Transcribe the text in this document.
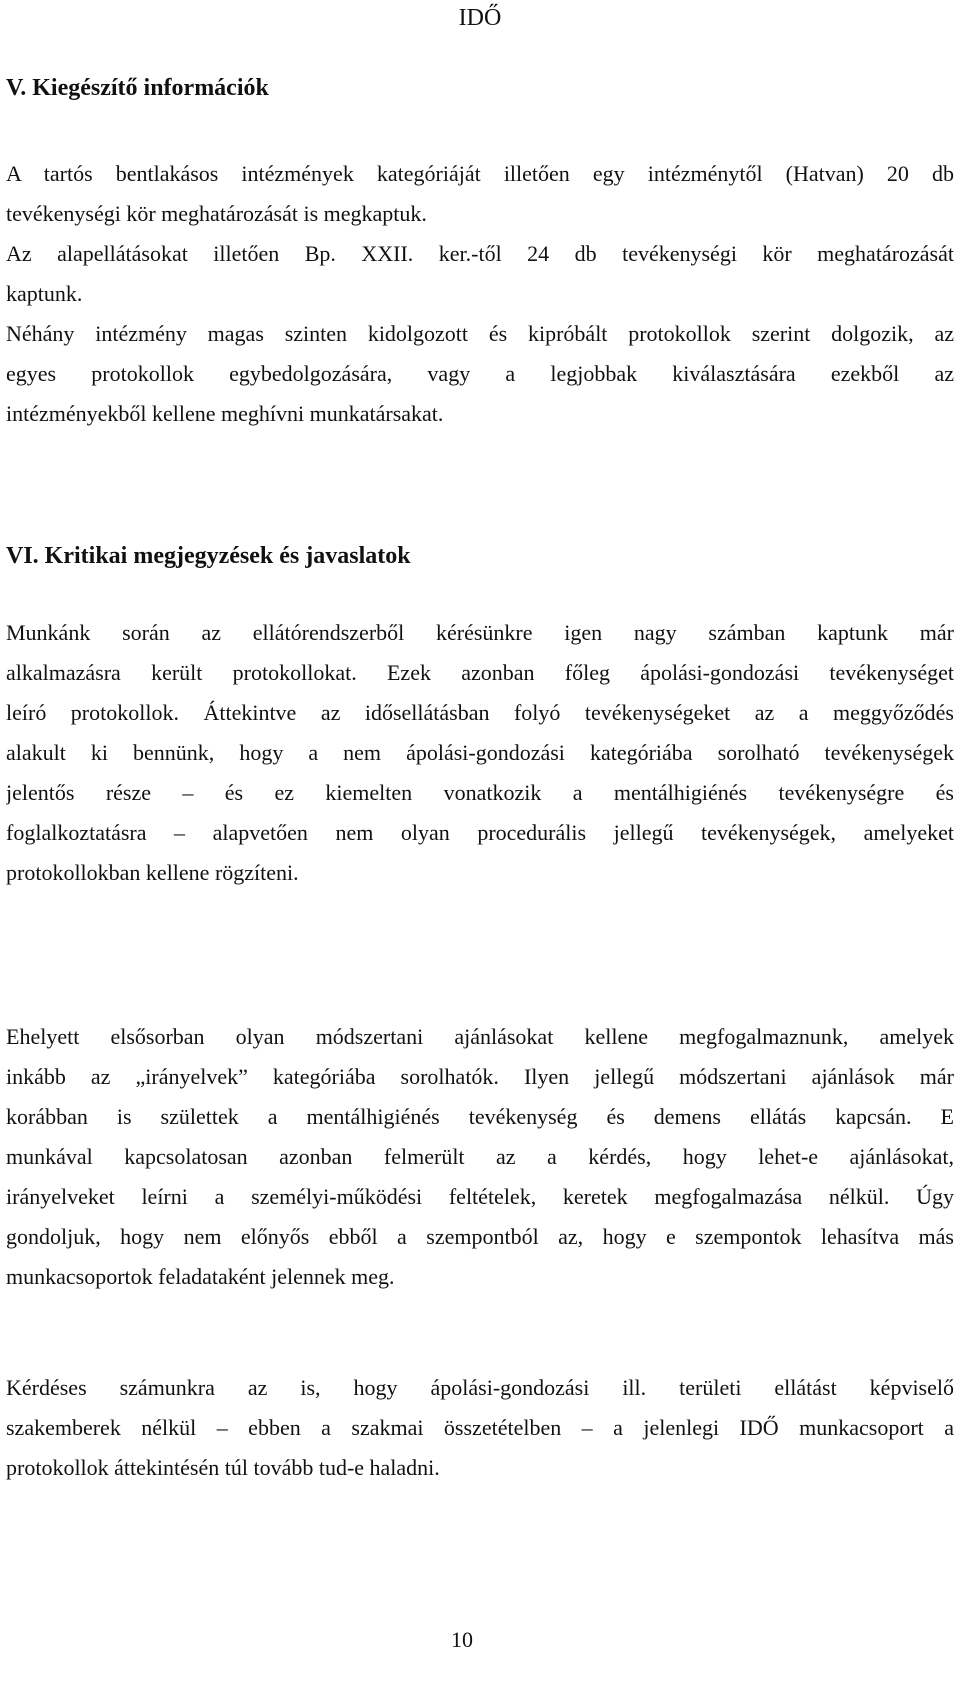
IDŐ
V. Kiegészítő információk
A tartós bentlakásos intézmények kategóriáját illetően egy intézménytől (Hatvan) 20 db
tevékenységi kör meghatározását is megkaptuk.
Az alapellátásokat illetően Bp. XXII. ker.-től 24 db tevékenységi kör meghatározását
kaptunk.
Néhány intézmény magas szinten kidolgozott és kipróbált protokollok szerint dolgozik, az
egyes protokollok egybedolgozására, vagy a legjobbak kiválasztására ezekből az
intézményekből kellene meghívni munkatársakat.
VI. Kritikai megjegyzések és javaslatok
Munkánk során az ellátórendszerből kérésünkre igen nagy számban kaptunk már
alkalmazásra került protokollokat. Ezek azonban főleg ápolási-gondozási tevékenységet
leíró protokollok. Áttekintve az idősellátásban folyó tevékenységeket az a meggyőződés
alakult ki bennünk, hogy a nem ápolási-gondozási kategóriába sorolható tevékenységek
jelentős része – és ez kiemelten vonatkozik a mentálhigiénés tevékenységre és
foglalkoztatásra – alapvetően nem olyan procedurális jellegű tevékenységek, amelyeket
protokollokban kellene rögzíteni.
Ehelyett elsősorban olyan módszertani ajánlásokat kellene megfogalmaznunk, amelyek
inkább az „irányelvek” kategóriába sorolhatók. Ilyen jellegű módszertani ajánlások már
korábban is születtek a mentálhigiénés tevékenység és demens ellátás kapcsán. E
munkával kapcsolatosan azonban felmerült az a kérdés, hogy lehet-e ajánlásokat,
irányelveket leírni a személyi-működési feltételek, keretek megfogalmazása nélkül. Úgy
gondoljuk, hogy nem előnyős ebből a szempontból az, hogy e szempontok lehasítva más
munkacsoportok feladataként jelennek meg.
Kérdéses számunkra az is, hogy ápolási-gondozási ill. területi ellátást képviselő
szakemberek nélkül – ebben a szakmai összetételben – a jelenlegi IDŐ munkacsoport a
protokollok áttekintésén túl tovább tud-e haladni.
10
